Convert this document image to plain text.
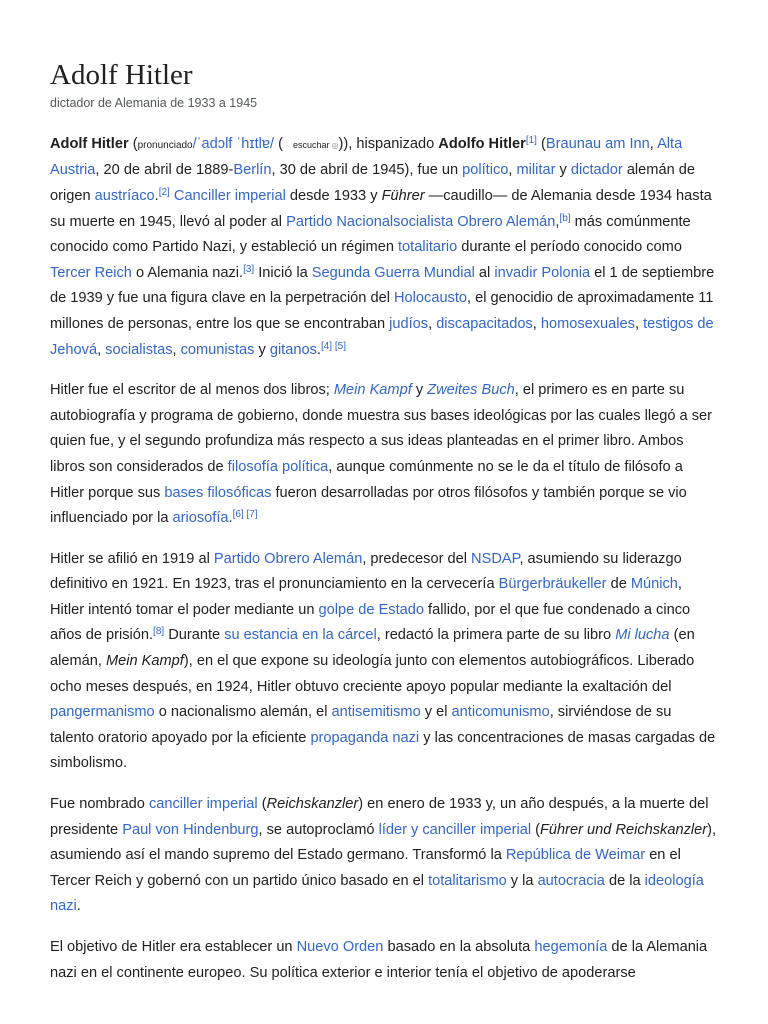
Adolf Hitler
dictador de Alemania de 1933 a 1945

Adolf Hitler (pronunciado/ˈadɔlf ˈhɪtlɐ/ ( escuchar ◎)), hispanizado Adolfo Hitler[1] (Braunau am Inn, Alta Austria, 20 de abril de 1889-Berlín, 30 de abril de 1945), fue un político, militar y dictador alemán de origen austríaco.[2] Canciller imperial desde 1933 y Führer —caudillo— de Alemania desde 1934 hasta su muerte en 1945, llevó al poder al Partido Nacionalsocialista Obrero Alemán,[b] más comúnmente conocido como Partido Nazi, y estableció un régimen totalitario durante el período conocido como Tercer Reich o Alemania nazi.[3] Inició la Segunda Guerra Mundial al invadir Polonia el 1 de septiembre de 1939 y fue una figura clave en la perpetración del Holocausto, el genocidio de aproximadamente 11 millones de personas, entre los que se encontraban judíos, discapacitados, homosexuales, testigos de Jehová, socialistas, comunistas y gitanos.[4] [5]

Hitler fue el escritor de al menos dos libros; Mein Kampf y Zweites Buch, el primero es en parte su autobiografía y programa de gobierno, donde muestra sus bases ideológicas por las cuales llegó a ser quien fue, y el segundo profundiza más respecto a sus ideas planteadas en el primer libro. Ambos libros son considerados de filosofía política, aunque comúnmente no se le da el título de filósofo a Hitler porque sus bases filosóficas fueron desarrolladas por otros filósofos y también porque se vio influenciado por la ariosofía.[6] [7]

Hitler se afilió en 1919 al Partido Obrero Alemán, predecesor del NSDAP, asumiendo su liderazgo definitivo en 1921. En 1923, tras el pronunciamiento en la cervecería Bürgerbräukeller de Múnich, Hitler intentó tomar el poder mediante un golpe de Estado fallido, por el que fue condenado a cinco años de prisión.[8] Durante su estancia en la cárcel, redactó la primera parte de su libro Mi lucha (en alemán, Mein Kampf), en el que expone su ideología junto con elementos autobiográficos. Liberado ocho meses después, en 1924, Hitler obtuvo creciente apoyo popular mediante la exaltación del pangermanismo o nacionalismo alemán, el antisemitismo y el anticomunismo, sirviéndose de su talento oratorio apoyado por la eficiente propaganda nazi y las concentraciones de masas cargadas de simbolismo.

Fue nombrado canciller imperial (Reichskanzler) en enero de 1933 y, un año después, a la muerte del presidente Paul von Hindenburg, se autoproclamó líder y canciller imperial (Führer und Reichskanzler), asumiendo así el mando supremo del Estado germano. Transformó la República de Weimar en el Tercer Reich y gobernó con un partido único basado en el totalitarismo y la autocracia de la ideología nazi.

El objetivo de Hitler era establecer un Nuevo Orden basado en la absoluta hegemonía de la Alemania nazi en el continente europeo. Su política exterior e interior tenía el objetivo de apoderarse
